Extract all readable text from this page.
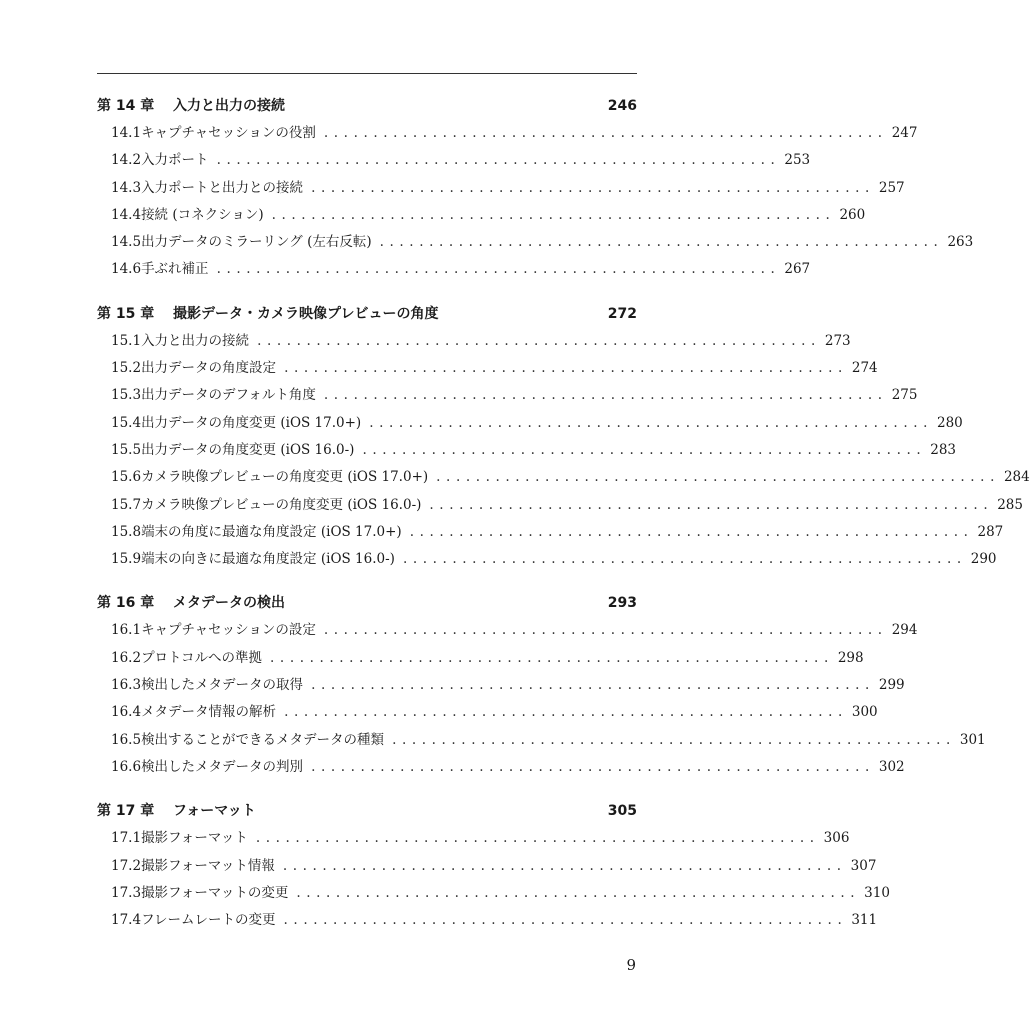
第 14 章	入力と出力の接続	246
14.1 キャプチャセッションの役割 ......................................................... 247
14.2 入力ポート ......................................................... 253
14.3 入力ポートと出力との接続 ......................................................... 257
14.4 接続 (コネクション) ......................................................... 260
14.5 出力データのミラーリング (左右反転) ......................................................... 263
14.6 手ぶれ補正 ......................................................... 267
第 15 章	撮影データ・カメラ映像プレビューの角度	272
15.1 入力と出力の接続 ......................................................... 273
15.2 出力データの角度設定 ......................................................... 274
15.3 出力データのデフォルト角度 ......................................................... 275
15.4 出力データの角度変更 (iOS 17.0+) ......................................................... 280
15.5 出力データの角度変更 (iOS 16.0-) ......................................................... 283
15.6 カメラ映像プレビューの角度変更 (iOS 17.0+) ......................................................... 284
15.7 カメラ映像プレビューの角度変更 (iOS 16.0-) ......................................................... 285
15.8 端末の角度に最適な角度設定 (iOS 17.0+) ......................................................... 287
15.9 端末の向きに最適な角度設定 (iOS 16.0-) ......................................................... 290
第 16 章	メタデータの検出	293
16.1 キャプチャセッションの設定 ......................................................... 294
16.2 プロトコルへの準拠 ......................................................... 298
16.3 検出したメタデータの取得 ......................................................... 299
16.4 メタデータ情報の解析 ......................................................... 300
16.5 検出することができるメタデータの種類 ......................................................... 301
16.6 検出したメタデータの判別 ......................................................... 302
第 17 章	フォーマット	305
17.1 撮影フォーマット ......................................................... 306
17.2 撮影フォーマット情報 ......................................................... 307
17.3 撮影フォーマットの変更 ......................................................... 310
17.4 フレームレートの変更 ......................................................... 311
9
